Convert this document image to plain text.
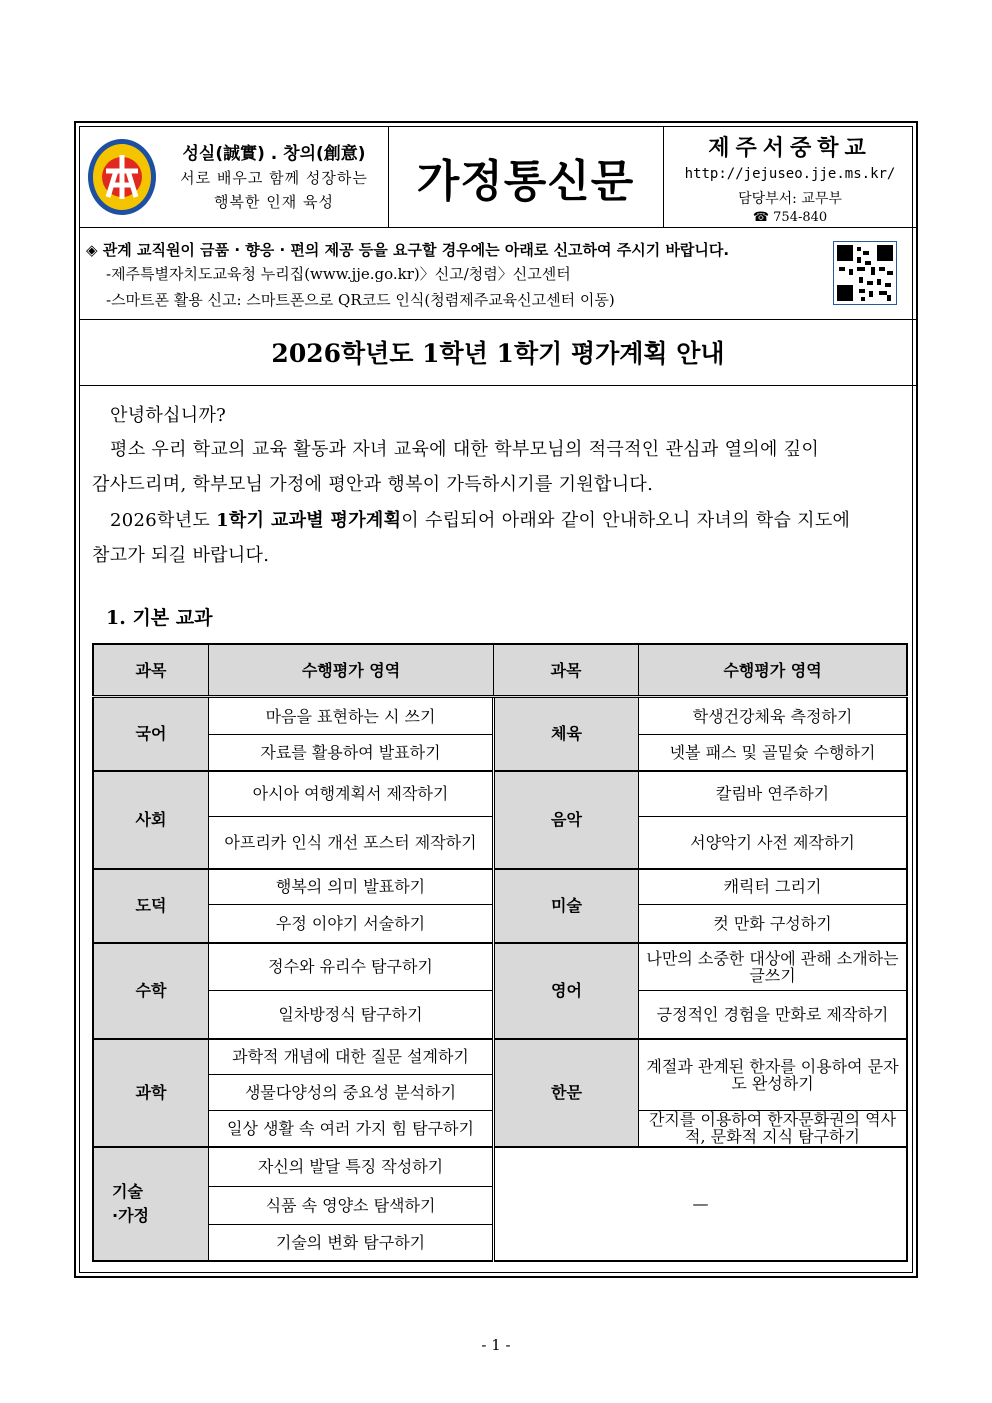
성실(誠實) . 창의(創意)
서로 배우고 함께 성장하는
행복한 인재 육성	가정통신문
제주서중학교
http://jejuseo.jje.ms.kr/
담당부서: 교무부
☎ 754-840
◈ 관계 교직원이 금품 · 향응 · 편의 제공 등을 요구할 경우에는 아래로 신고하여 주시기 바랍니다.
-제주특별자치도교육청 누리집(www.jje.go.kr)〉신고/청렴〉신고센터
-스마트폰 활용 신고: 스마트폰으로 QR코드 인식(청렴제주교육신고센터 이동)
2026학년도 1학년 1학기 평가계획 안내
안녕하십니까?
평소 우리 학교의 교육 활동과 자녀 교육에 대한 학부모님의 적극적인 관심과 열의에 깊이
감사드리며, 학부모님 가정에 평안과 행복이 가득하시기를 기원합니다.
2026학년도 1학기 교과별 평가계획이 수립되어 아래와 같이 안내하오니 자녀의 학습 지도에
참고가 되길 바랍니다.
1. 기본 교과
과목	수행평가 영역	과목	수행평가 영역
국어	마음을 표현하는 시 쓰기	체육	학생건강체육 측정하기
	자료를 활용하여 발표하기		넷볼 패스 및 골밑슛 수행하기
사회	아시아 여행계획서 제작하기	음악	칼림바 연주하기
	아프리카 인식 개선 포스터 제작하기		서양악기 사전 제작하기
도덕	행복의 의미 발표하기	미술	캐릭터 그리기
	우정 이야기 서술하기		컷 만화 구성하기
수학	정수와 유리수 탐구하기	영어	나만의 소중한 대상에 관해 소개하는 글쓰기
	일차방정식 탐구하기		긍정적인 경험을 만화로 제작하기
과학	과학적 개념에 대한 질문 설계하기	한문	계절과 관계된 한자를 이용하여 문자도 완성하기
	생물다양성의 중요성 분석하기		
	일상 생활 속 여러 가지 힘 탐구하기		간지를 이용하여 한자문화권의 역사적, 문화적 지식 탐구하기
기술
·가정	자신의 발달 특징 작성하기	—	
	식품 속 영양소 탐색하기		
	기술의 변화 탐구하기		
- 1 -
